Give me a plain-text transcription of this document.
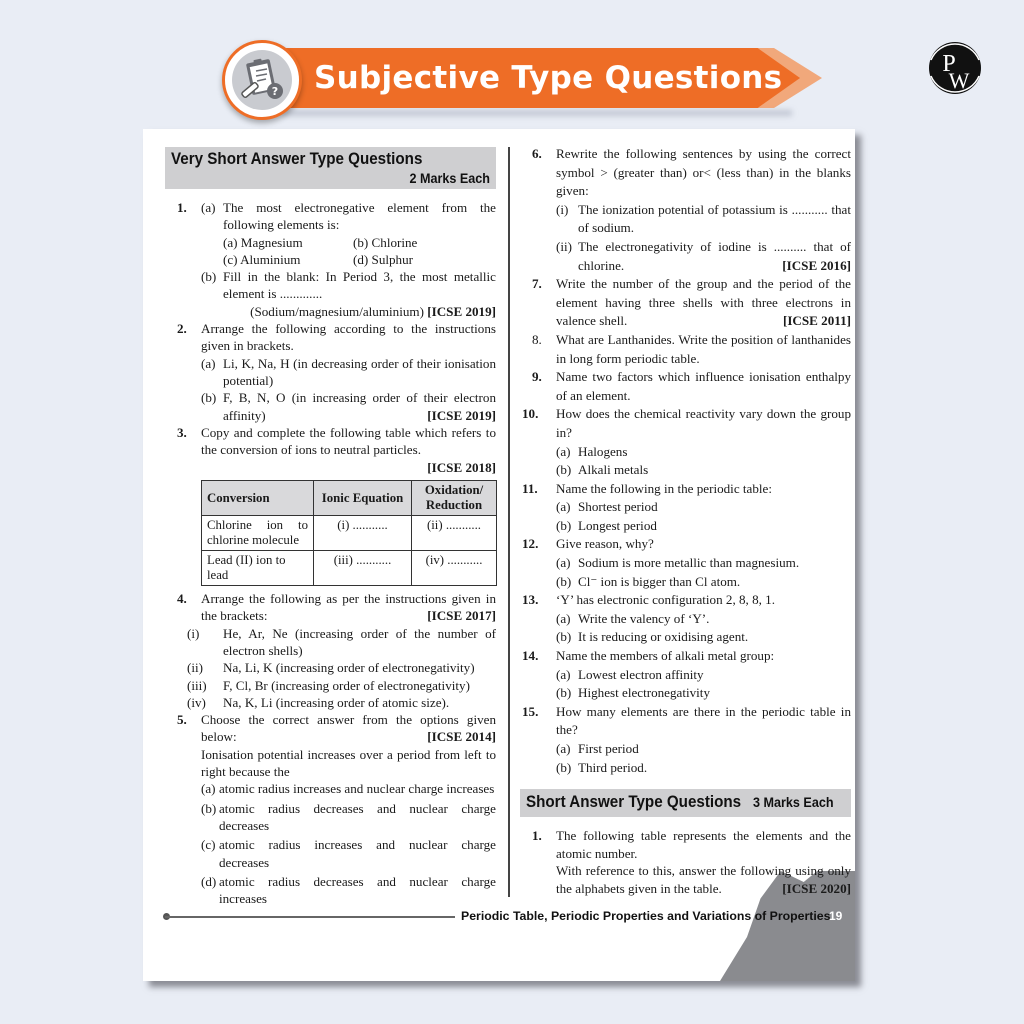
Subjective Type Questions
?
P
W
Very Short Answer Type Questions
2 Marks Each
1. (a) The most electronegative element from the following elements is:
(a) Magnesium	(b) Chlorine
(c) Aluminium	(d) Sulphur
(b) Fill in the blank: In Period 3, the most metallic element is .............
(Sodium/magnesium/aluminium) [ICSE 2019]
2. Arrange the following according to the instructions given in brackets.
(a) Li, K, Na, H (in decreasing order of their ionisation potential)
(b) F, B, N, O (in increasing order of their electron affinity)	[ICSE 2019]
3. Copy and complete the following table which refers to the conversion of ions to neutral particles.
[ICSE 2018]
Conversion	Ionic Equation	Oxidation/ Reduction
Chlorine ion to chlorine molecule	(i) ...........	(ii) ...........
Lead (II) ion to lead	(iii) ...........	(iv) ...........
4. Arrange the following as per the instructions given in the brackets:	[ICSE 2017]
(i) He, Ar, Ne (increasing order of the number of electron shells)
(ii) Na, Li, K (increasing order of electronegativity)
(iii) F, Cl, Br (increasing order of electronegativity)
(iv) Na, K, Li (increasing order of atomic size).
5. Choose the correct answer from the options given below:	[ICSE 2014]
Ionisation potential increases over a period from left to right because the
(a) atomic radius increases and nuclear charge increases
(b) atomic radius decreases and nuclear charge decreases
(c) atomic radius increases and nuclear charge decreases
(d) atomic radius decreases and nuclear charge increases
6. Rewrite the following sentences by using the correct symbol > (greater than) or< (less than) in the blanks given:
(i) The ionization potential of potassium is ........... that of sodium.
(ii) The electronegativity of iodine is .......... that of chlorine.	[ICSE 2016]
7. Write the number of the group and the period of the element having three shells with three electrons in valence shell.	[ICSE 2011]
8. What are Lanthanides. Write the position of lanthanides in long form periodic table.
9. Name two factors which influence ionisation enthalpy of an element.
10. How does the chemical reactivity vary down the group in?
(a) Halogens
(b) Alkali metals
11. Name the following in the periodic table:
(a) Shortest period
(b) Longest period
12. Give reason, why?
(a) Sodium is more metallic than magnesium.
(b) Cl⁻ ion is bigger than Cl atom.
13. ‘Y’ has electronic configuration 2, 8, 8, 1.
(a) Write the valency of ‘Y’.
(b) It is reducing or oxidising agent.
14. Name the members of alkali metal group:
(a) Lowest electron affinity
(b) Highest electronegativity
15. How many elements are there in the periodic table in the?
(a) First period
(b) Third period.
Short Answer Type Questions 3 Marks Each
1. The following table represents the elements and the atomic number.
With reference to this, answer the following using only the alphabets given in the table.	[ICSE 2020]
Periodic Table, Periodic Properties and Variations of Properties
19
